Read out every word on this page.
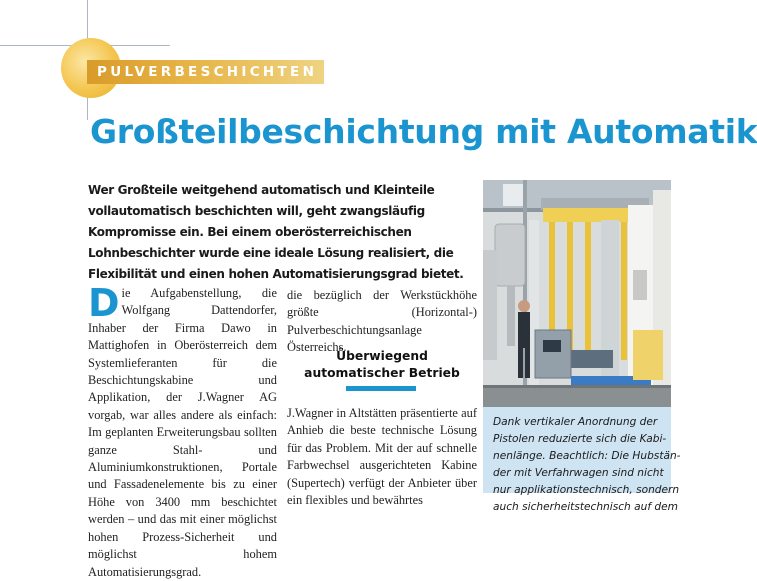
PULVERBESCHICHTEN
Großteilbeschichtung mit Automatik

Wer Großteile weitgehend automatisch und Kleinteile vollautomatisch beschichten will, geht zwangsläufig Kompromisse ein. Bei einem oberösterreichischen Lohnbeschichter wurde eine ideale Lösung realisiert, die Flexibilität und einen hohen Automatisierungsgrad bietet.

Die Aufgabenstellung, die Wolfgang Dattendorfer, Inhaber der Firma Dawo in Mattighofen in Oberösterreich dem Systemlieferanten für die Beschichtungskabine und Applikation, der J.Wagner AG vorgab, war alles andere als einfach: Im geplanten Erweiterungsbau sollten ganze Stahl- und Aluminiumkonstruktionen, Portale und Fassadenelemente bis zu einer Höhe von 3400 mm beschichtet werden – und das mit einer möglichst hohen Prozess-Sicherheit und möglichst hohem Automatisierungsgrad.

die bezüglich der Werkstückhöhe größte (Horizontal-) Pulverbeschichtungsanlage Österreichs.

Überwiegend automatischer Betrieb

J.Wagner in Altstätten präsentierte auf Anhieb die beste technische Lösung für das Problem. Mit der auf schnelle Farbwechsel ausgerichteten Kabine (Supertech) verfügt der Anbieter über ein flexibles und bewährtes

Dank vertikaler Anordnung der
Pistolen reduzierte sich die Kabi-
nenlänge. Beachtlich: Die Hubstän-
der mit Verfahrwagen sind nicht
nur applikationstechnisch, sondern
auch sicherheitstechnisch auf dem
